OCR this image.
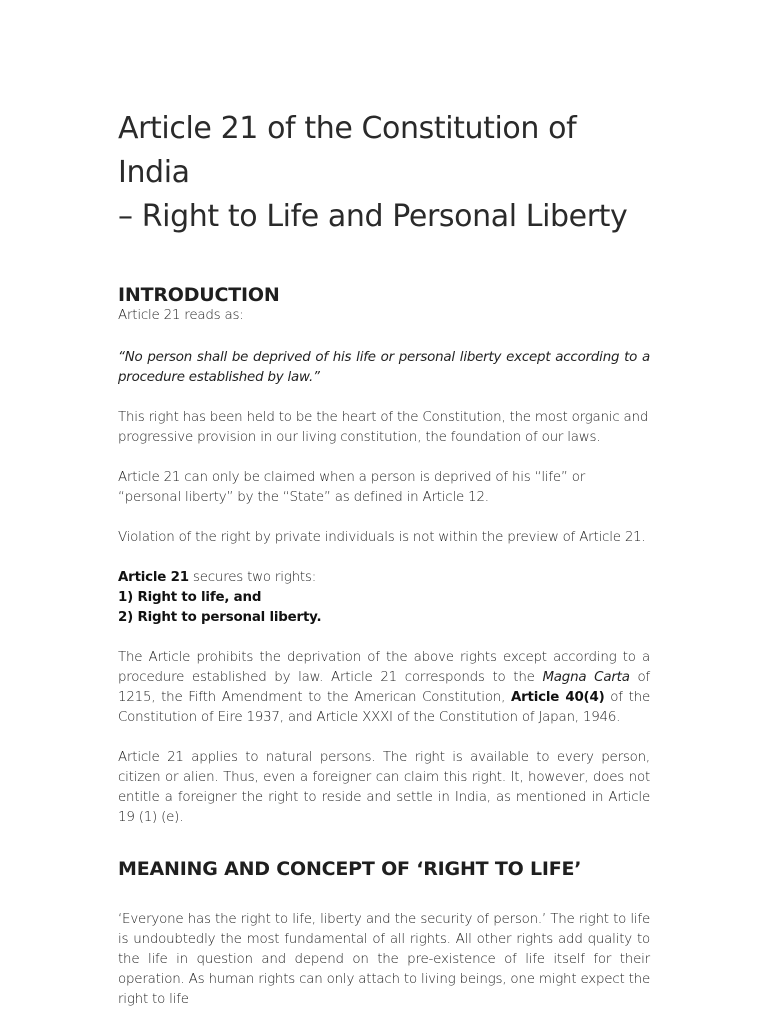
Article 21 of the Constitution of India
– Right to Life and Personal Liberty
INTRODUCTION

Article 21 reads as:

“No person shall be deprived of his life or personal liberty except according to a procedure established by law.”

This right has been held to be the heart of the Constitution, the most organic and progressive provision in our living constitution, the foundation of our laws.

Article 21 can only be claimed when a person is deprived of his “life” or “personal liberty” by the “State” as defined in Article 12.

Violation of the right by private individuals is not within the preview of Article 21.

Article 21 secures two rights:
1) Right to life, and
2) Right to personal liberty.

The Article prohibits the deprivation of the above rights except according to a procedure established by law. Article 21 corresponds to the Magna Carta of 1215, the Fifth Amendment to the American Constitution, Article 40(4) of the Constitution of Eire 1937, and Article XXXI of the Constitution of Japan, 1946.

Article 21 applies to natural persons. The right is available to every person, citizen or alien. Thus, even a foreigner can claim this right. It, however, does not entitle a foreigner the right to reside and settle in India, as mentioned in Article 19 (1) (e).

MEANING AND CONCEPT OF ‘RIGHT TO LIFE’

‘Everyone has the right to life, liberty and the security of person.’ The right to life is undoubtedly the most fundamental of all rights. All other rights add quality to the life in question and depend on the pre-existence of life itself for their operation. As human rights can only attach to living beings, one might expect the right to life
